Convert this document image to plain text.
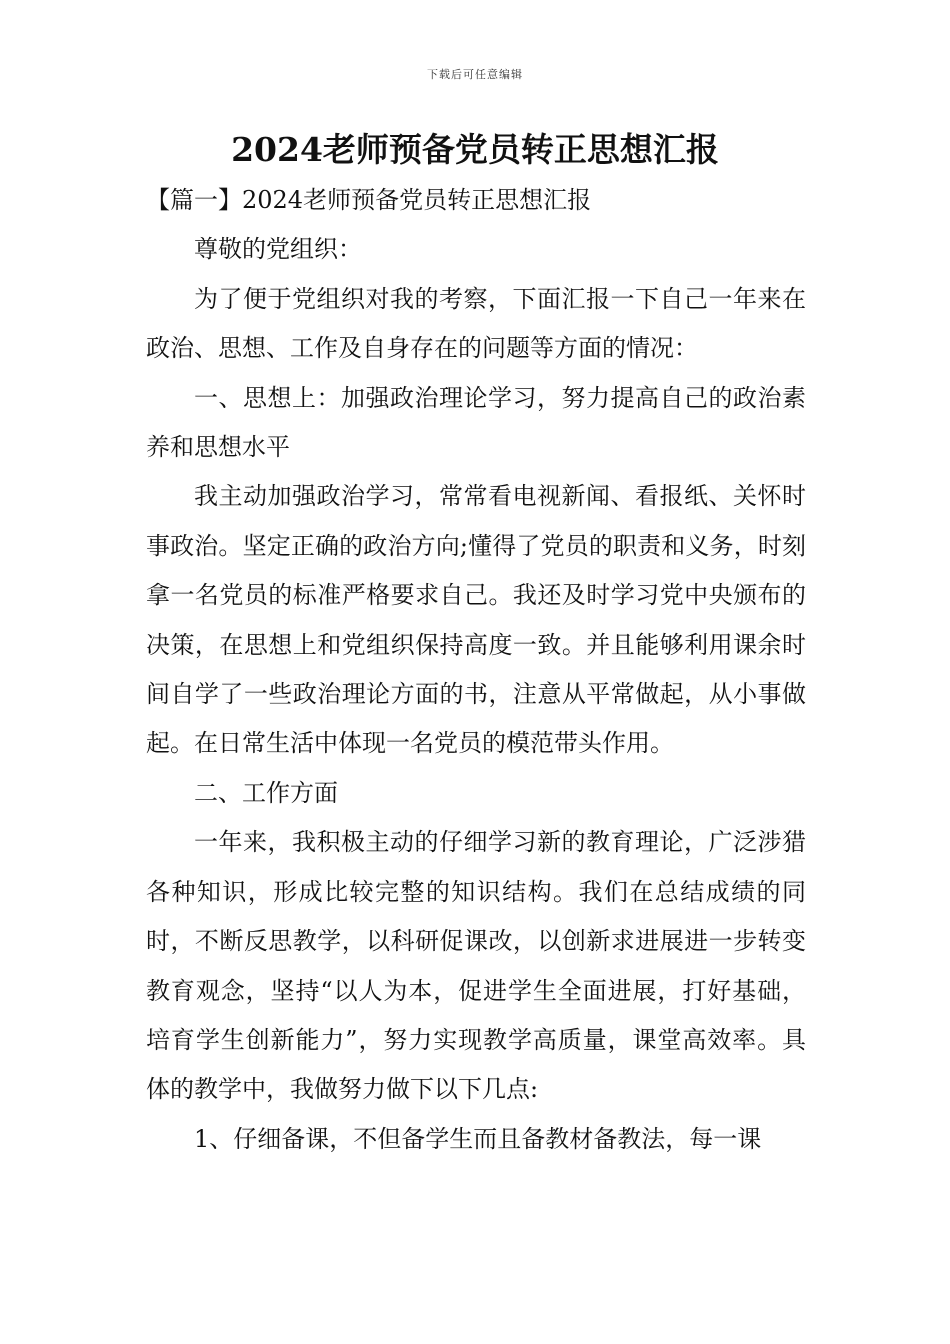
下载后可任意编辑
2024老师预备党员转正思想汇报

【篇一】2024老师预备党员转正思想汇报

尊敬的党组织：

为了便于党组织对我的考察，下面汇报一下自己一年来在政治、思想、工作及自身存在的问题等方面的情况：

一、思想上：加强政治理论学习，努力提高自己的政治素养和思想水平

我主动加强政治学习，常常看电视新闻、看报纸、关怀时事政治。坚定正确的政治方向;懂得了党员的职责和义务，时刻拿一名党员的标准严格要求自己。我还及时学习党中央颁布的决策，在思想上和党组织保持高度一致。并且能够利用课余时间自学了一些政治理论方面的书，注意从平常做起，从小事做起。在日常生活中体现一名党员的模范带头作用。

二、工作方面

一年来，我积极主动的仔细学习新的教育理论，广泛涉猎各种知识，形成比较完整的知识结构。我们在总结成绩的同时，不断反思教学，以科研促课改，以创新求进展进一步转变教育观念，坚持“以人为本，促进学生全面进展，打好基础，培育学生创新能力”，努力实现教学高质量，课堂高效率。具体的教学中，我做努力做下以下几点:

1、仔细备课，不但备学生而且备教材备教法，每一课
